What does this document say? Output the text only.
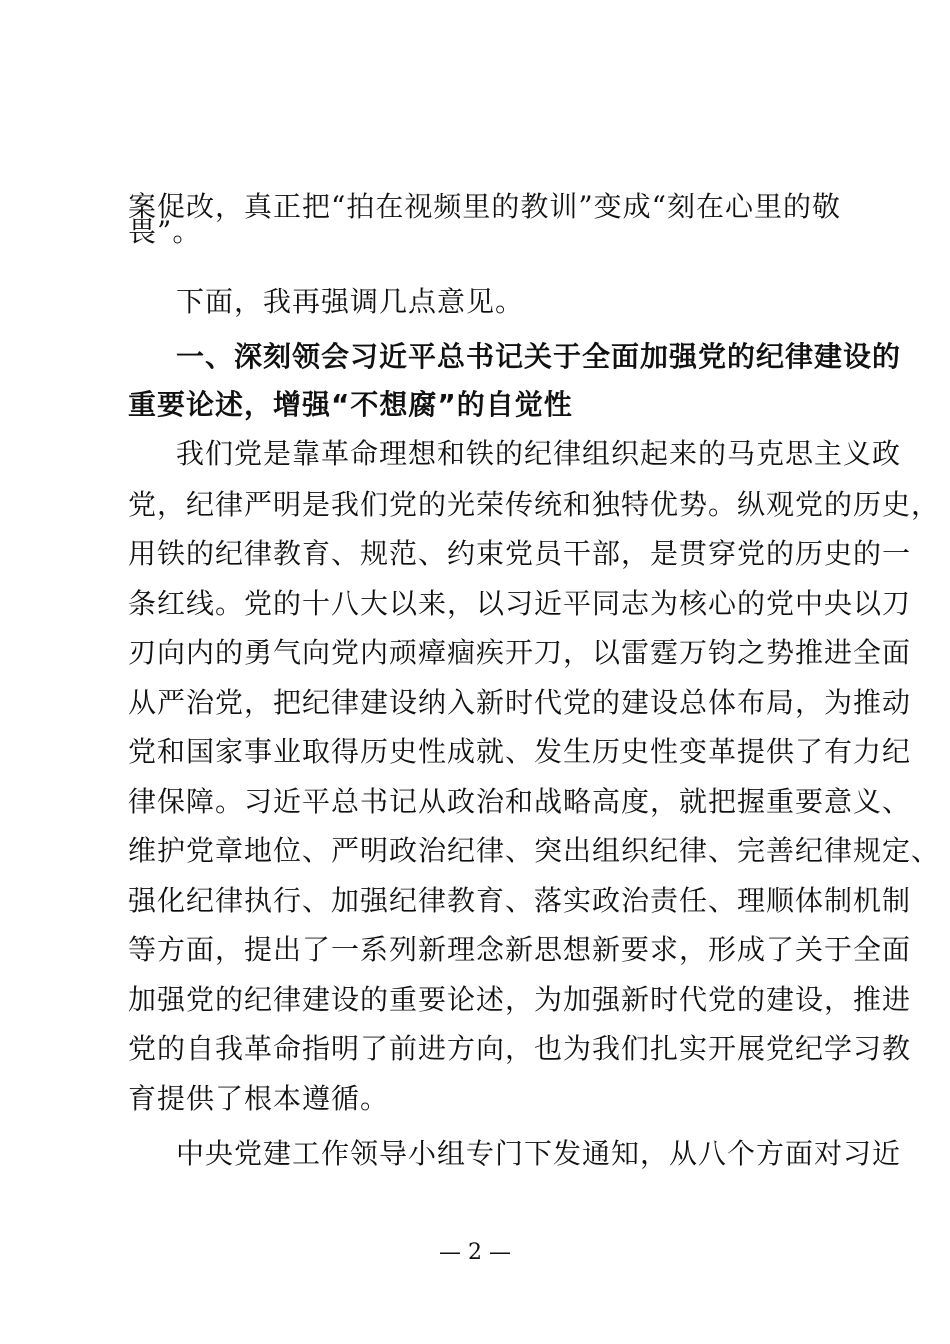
案促改，真正把“拍在视频里的教训”变成“刻在心里的敬
畏”。
下面，我再强调几点意见。
一、深刻领会习近平总书记关于全面加强党的纪律建设的
重要论述，增强“不想腐”的自觉性
我们党是靠革命理想和铁的纪律组织起来的马克思主义政
党，纪律严明是我们党的光荣传统和独特优势。纵观党的历史，
用铁的纪律教育、规范、约束党员干部，是贯穿党的历史的一
条红线。党的十八大以来，以习近平同志为核心的党中央以刀
刃向内的勇气向党内顽瘴痼疾开刀，以雷霆万钧之势推进全面
从严治党，把纪律建设纳入新时代党的建设总体布局，为推动
党和国家事业取得历史性成就、发生历史性变革提供了有力纪
律保障。习近平总书记从政治和战略高度，就把握重要意义、
维护党章地位、严明政治纪律、突出组织纪律、完善纪律规定、
强化纪律执行、加强纪律教育、落实政治责任、理顺体制机制
等方面，提出了一系列新理念新思想新要求，形成了关于全面
加强党的纪律建设的重要论述，为加强新时代党的建设，推进
党的自我革命指明了前进方向，也为我们扎实开展党纪学习教
育提供了根本遵循。
中央党建工作领导小组专门下发通知，从八个方面对习近
— 2 —
